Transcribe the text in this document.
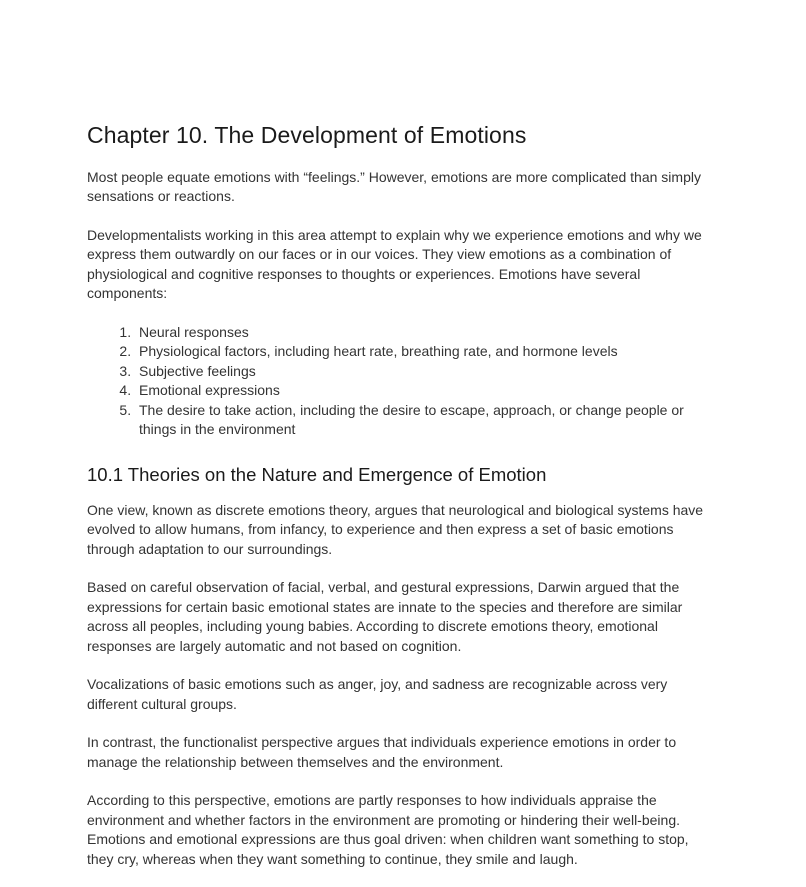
Chapter 10. The Development of Emotions

Most people equate emotions with “feelings.” However, emotions are more complicated than simply sensations or reactions.

Developmentalists working in this area attempt to explain why we experience emotions and why we express them outwardly on our faces or in our voices. They view emotions as a combination of physiological and cognitive responses to thoughts or experiences. Emotions have several components:

1. Neural responses
2. Physiological factors, including heart rate, breathing rate, and hormone levels
3. Subjective feelings
4. Emotional expressions
5. The desire to take action, including the desire to escape, approach, or change people or things in the environment
10.1 Theories on the Nature and Emergence of Emotion

One view, known as discrete emotions theory, argues that neurological and biological systems have evolved to allow humans, from infancy, to experience and then express a set of basic emotions through adaptation to our surroundings.

Based on careful observation of facial, verbal, and gestural expressions, Darwin argued that the expressions for certain basic emotional states are innate to the species and therefore are similar across all peoples, including young babies. According to discrete emotions theory, emotional responses are largely automatic and not based on cognition.

Vocalizations of basic emotions such as anger, joy, and sadness are recognizable across very different cultural groups.

In contrast, the functionalist perspective argues that individuals experience emotions in order to manage the relationship between themselves and the environment.

According to this perspective, emotions are partly responses to how individuals appraise the environment and whether factors in the environment are promoting or hindering their well-being. Emotions and emotional expressions are thus goal driven: when children want something to stop, they cry, whereas when they want something to continue, they smile and laugh.
